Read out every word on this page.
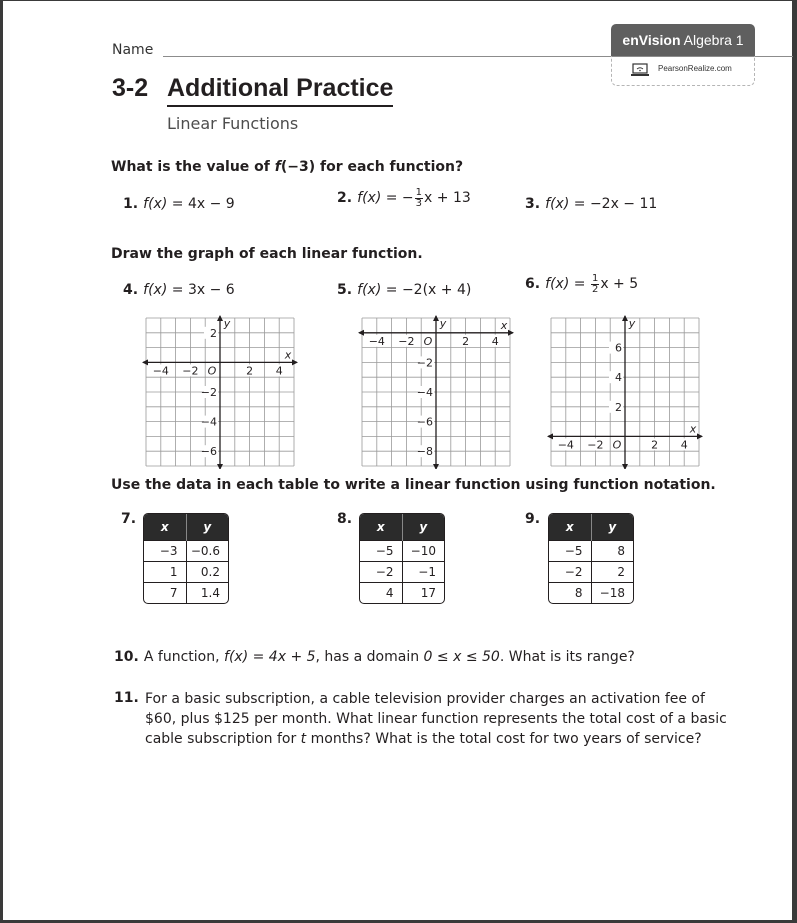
Name
enVision Algebra 1
PearsonRealize.com
3-2 Additional Practice
Linear Functions
What is the value of f(−3) for each function?
1. f(x) = 4x − 9	2. f(x) = − $\frac{1}{3}$ x + 13	3. f(x) = −2x − 11
Draw the graph of each linear function.
4. f(x) = 3x − 6	5. f(x) = −2(x + 4)	6. $f(x) = \frac{1}{2}$ x + 5
−4 −2	2 4
2
−2
−4
−6
O
x
y
−4 −2	2 4
−2
−4
−6
−8
O
x
y
−4 −2	2 4
6
4
2
O
x
y
Use the data in each table to write a linear function using function notation.
7. x	y
−3	−0.6
1	0.2
7	1.4
8. x	y
−5	−10
−2	−1
4	17
9. x	y
−5	8
−2	2
8	−18
10. A function, f(x) = 4x + 5, has a domain 0 ≤ x ≤ 50. What is its range?
11. For a basic subscription, a cable television provider charges an activation fee of $60, plus $125 per month. What linear function represents the total cost of a basic cable subscription for t months? What is the total cost for two years of service?
